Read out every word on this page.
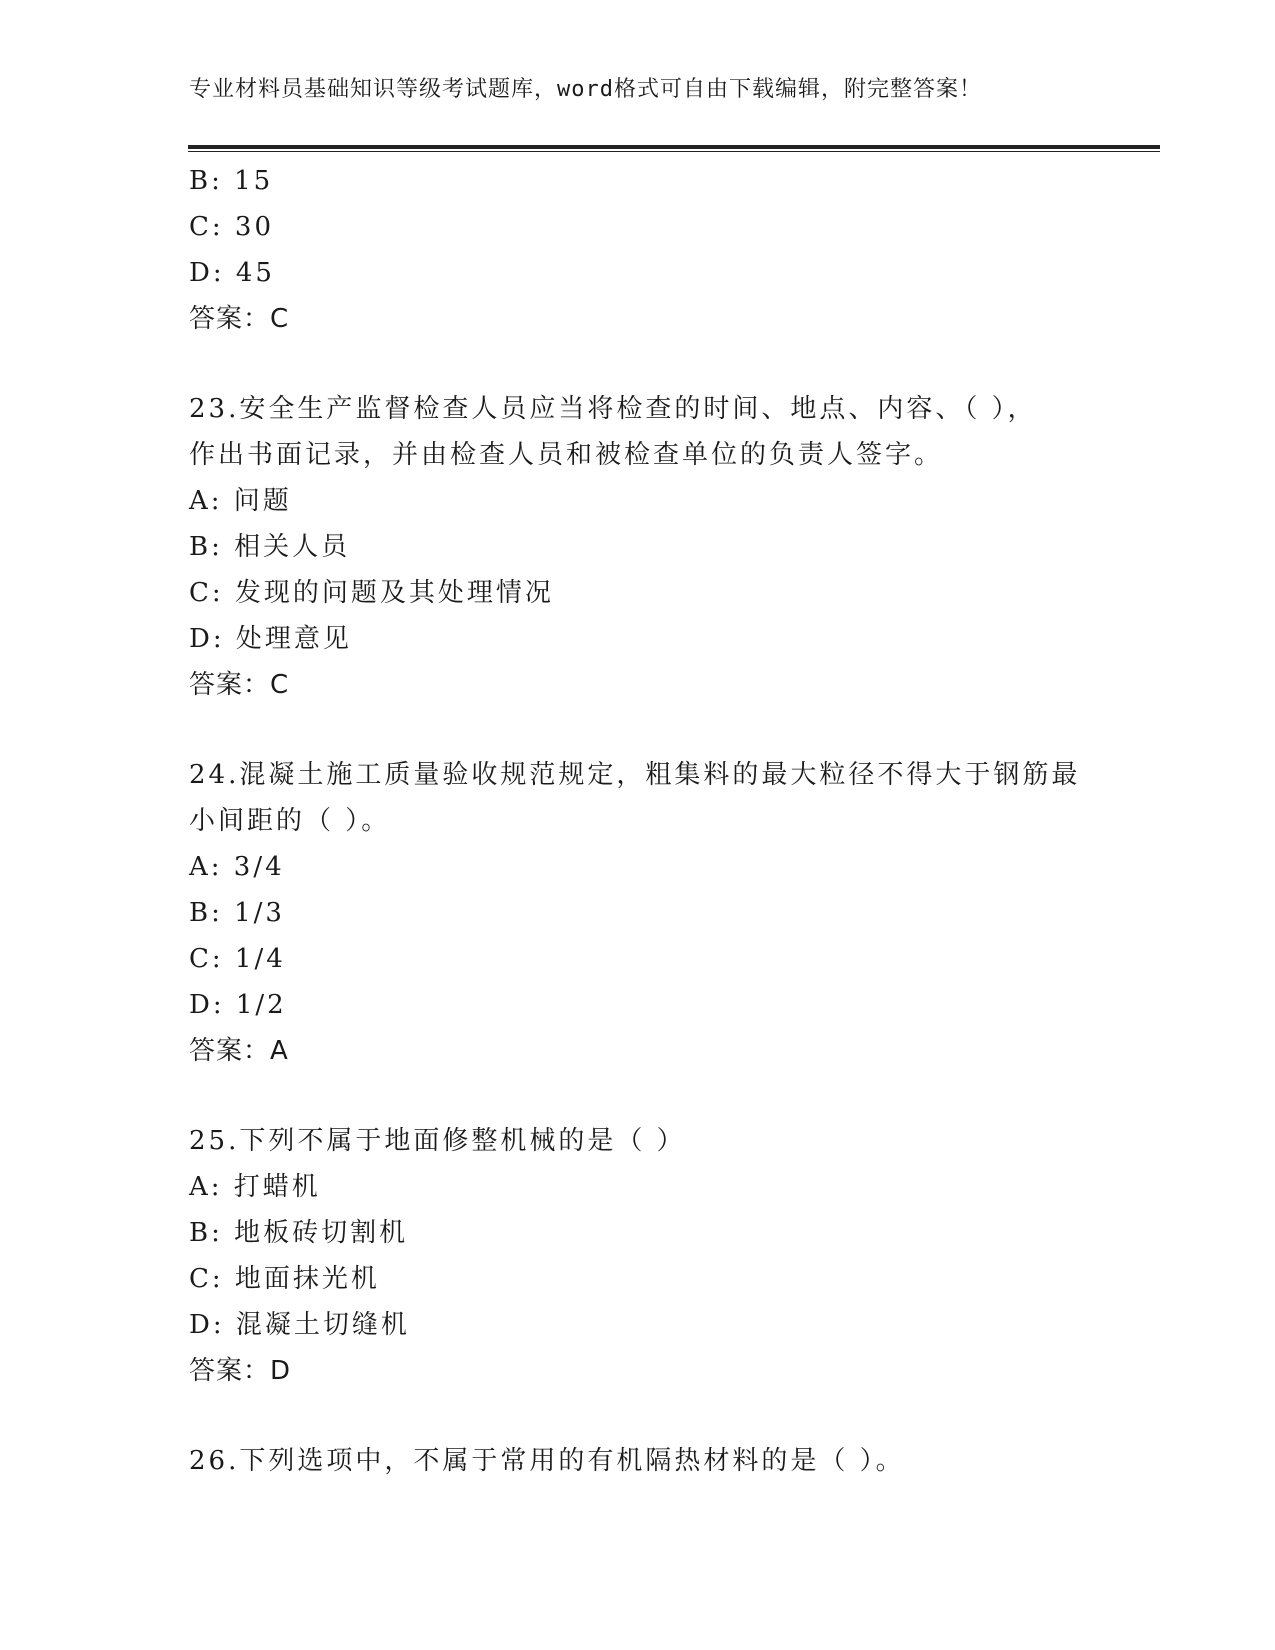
专业材料员基础知识等级考试题库，word格式可自由下载编辑，附完整答案！
B: 15
C: 30
D: 45
答案：C
23.安全生产监督检查人员应当将检查的时间、地点、内容、（ ），
作出书面记录，并由检查人员和被检查单位的负责人签字。
A: 问题
B: 相关人员
C: 发现的问题及其处理情况
D: 处理意见
答案：C
24.混凝土施工质量验收规范规定，粗集料的最大粒径不得大于钢筋最
小间距的（ ）。
A: 3/4
B: 1/3
C: 1/4
D: 1/2
答案：A
25.下列不属于地面修整机械的是（ ）
A: 打蜡机
B: 地板砖切割机
C: 地面抹光机
D: 混凝土切缝机
答案：D
26.下列选项中，不属于常用的有机隔热材料的是（ ）。
